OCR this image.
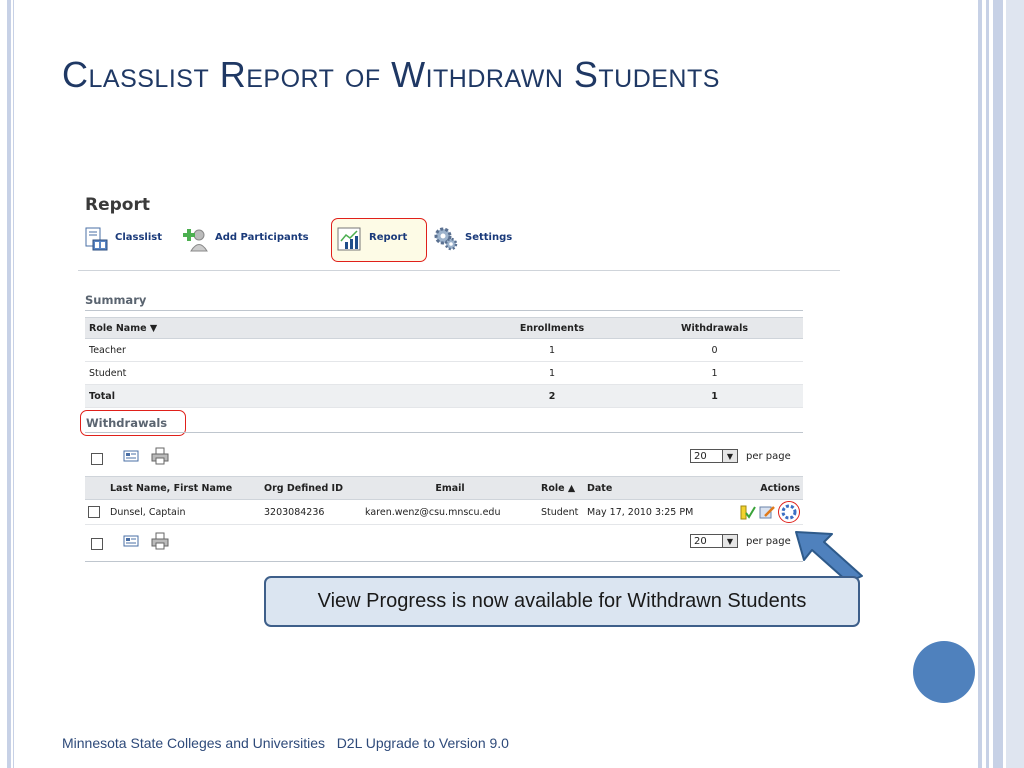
Classlist Report of Withdrawn Students
Report
Classlist	Add Participants	Report	Settings
Summary
Role Name ▼	Enrollments	Withdrawals
Teacher	1	0
Student	1	1
Total	2	1
Withdrawals
20	▼	per page
	Last Name, First Name	Org Defined ID	Email	Role ▲	Date	Actions

	Dunsel, Captain	3203084236	karen.wenz@csu.mnscu.edu	Student	May 17, 2010 3:25 PM	
20	▼	per page
View Progress is now available for Withdrawn Students
Minnesota State Colleges and Universities   D2L Upgrade to Version 9.0
